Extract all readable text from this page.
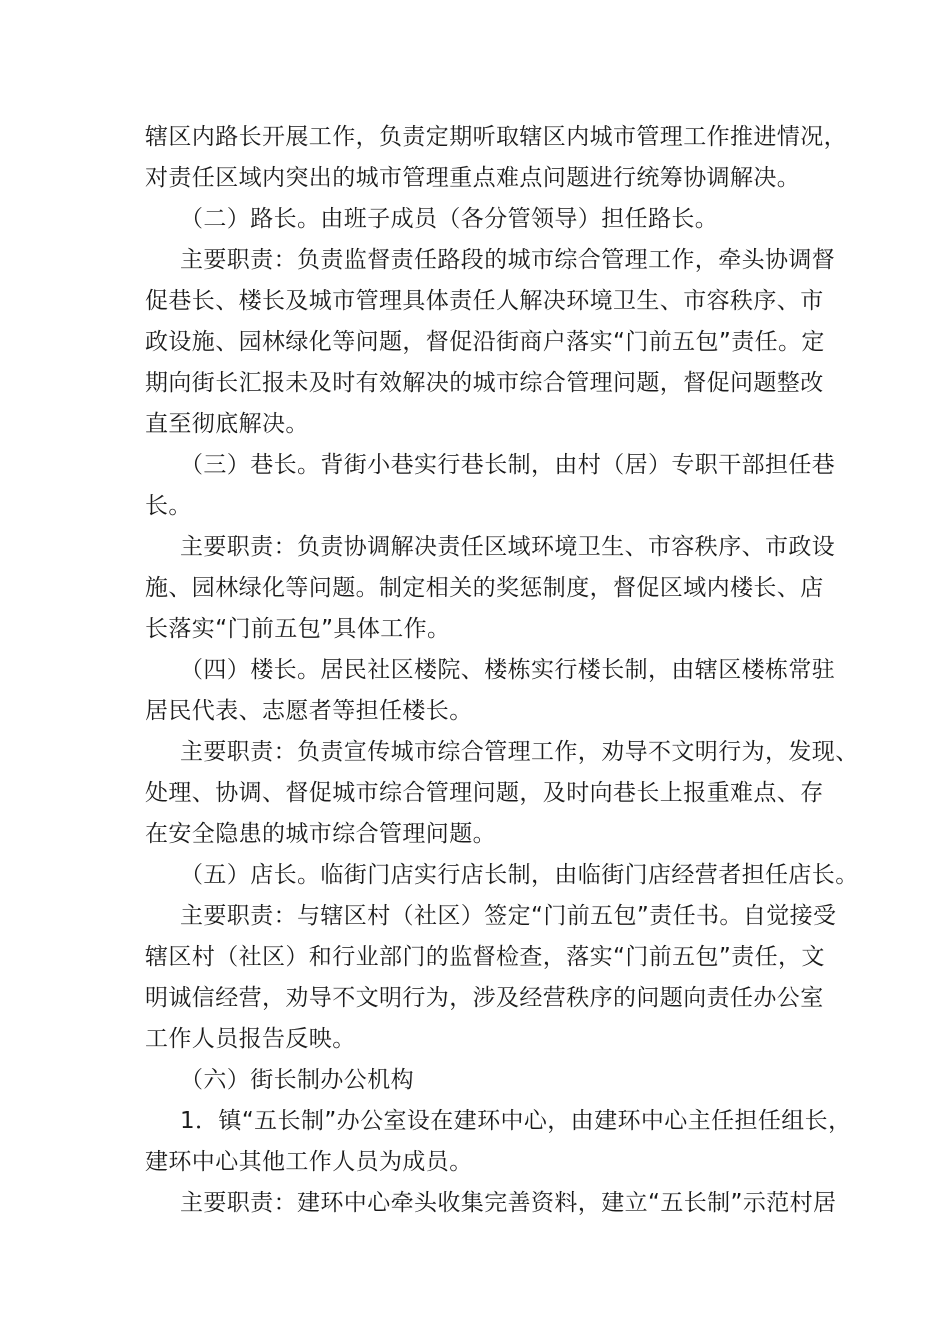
辖区内路长开展工作，负责定期听取辖区内城市管理工作推进情况，
对责任区域内突出的城市管理重点难点问题进行统筹协调解决。
（二）路长。由班子成员（各分管领导）担任路长。
主要职责：负责监督责任路段的城市综合管理工作，牵头协调督
促巷长、楼长及城市管理具体责任人解决环境卫生、市容秩序、市
政设施、园林绿化等问题，督促沿街商户落实“门前五包”责任。定
期向街长汇报未及时有效解决的城市综合管理问题，督促问题整改
直至彻底解决。
（三）巷长。背街小巷实行巷长制，由村（居）专职干部担任巷
长。
主要职责：负责协调解决责任区域环境卫生、市容秩序、市政设
施、园林绿化等问题。制定相关的奖惩制度，督促区域内楼长、店
长落实“门前五包”具体工作。
（四）楼长。居民社区楼院、楼栋实行楼长制，由辖区楼栋常驻
居民代表、志愿者等担任楼长。
主要职责：负责宣传城市综合管理工作，劝导不文明行为，发现、
处理、协调、督促城市综合管理问题，及时向巷长上报重难点、存
在安全隐患的城市综合管理问题。
（五）店长。临街门店实行店长制，由临街门店经营者担任店长。
主要职责：与辖区村（社区）签定“门前五包”责任书。自觉接受
辖区村（社区）和行业部门的监督检查，落实“门前五包”责任，文
明诚信经营，劝导不文明行为，涉及经营秩序的问题向责任办公室
工作人员报告反映。
（六）街长制办公机构
1．镇“五长制”办公室设在建环中心，由建环中心主任担任组长，
建环中心其他工作人员为成员。
主要职责：建环中心牵头收集完善资料，建立“五长制”示范村居
